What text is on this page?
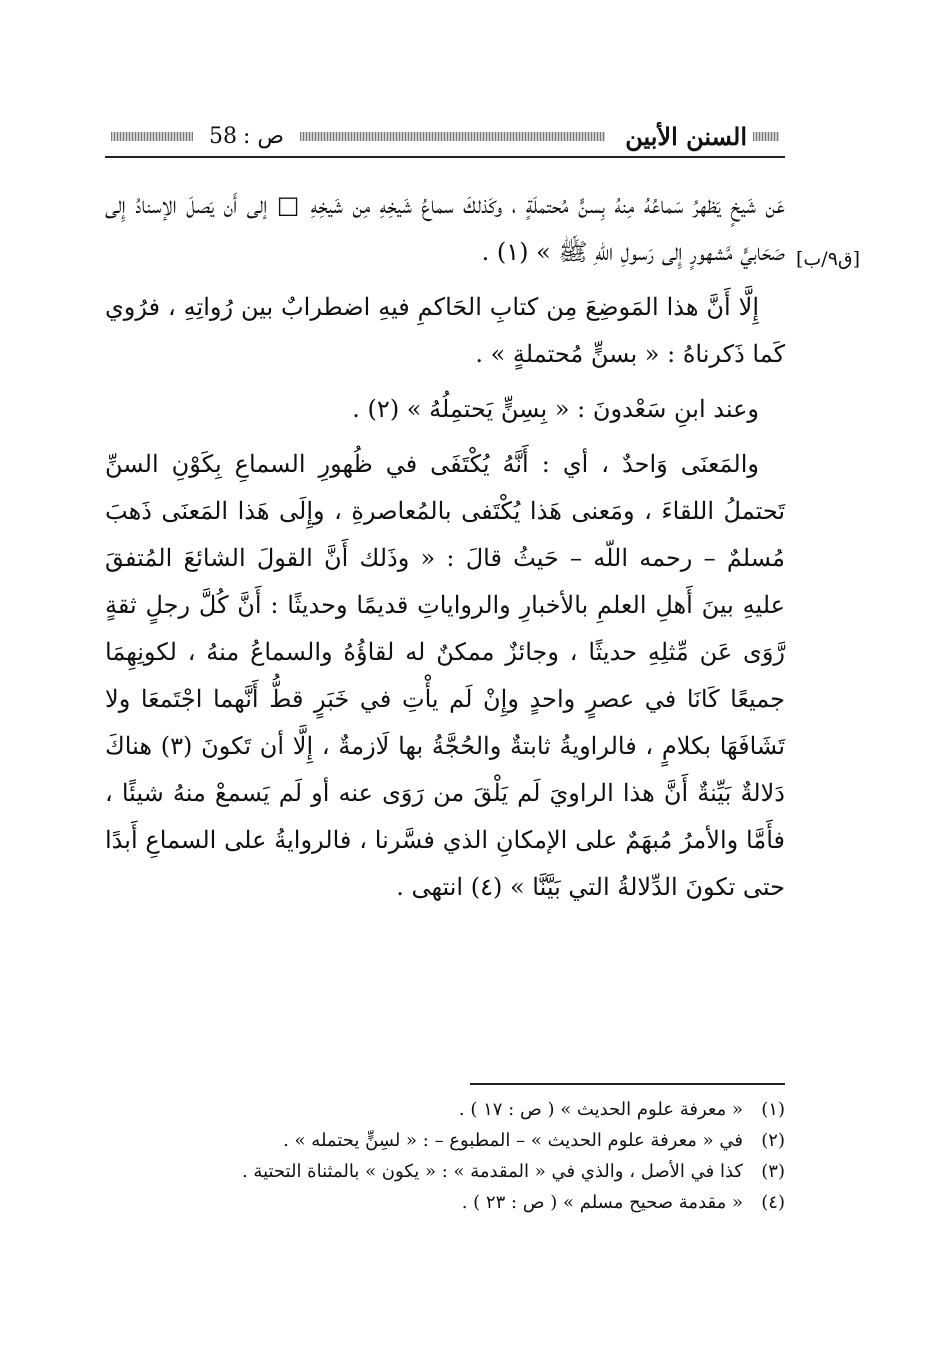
السنن الأبين
ص :
58
[ق٩/ب]

عَن شَيخٍ يَظهرُ سَماعُهُ مِنهُ بِسنٍّ مُحتملَةٍ ، وكَذلكَ سماعُ شَيخِهِ مِن شَيخِهِ □ إلى أَن يَصلَ الإسنادُ إِلى صَحَابيٍّ مَّشهورٍ إِلى رَسولِ اللّهِ ﷺ » (١) .

إِلَّا أَنَّ هذا المَوضِعَ مِن كتابِ الحَاكمِ فيهِ اضطرابٌ بين رُواتِهِ ، فرُوي كَما ذَكرناهُ : « بسنٍّ مُحتملةٍ » .

وعند ابنِ سَعْدونَ : « بِسِنٍّ يَحتمِلُهُ » (٢) .

والمَعنَى وَاحدٌ ، أي : أَنَّهُ يُكْتَفَى في ظُهورِ السماعِ بِكَوْنِ السنِّ تَحتملُ اللقاءَ ، ومَعنى هَذا يُكْتَفى بالمُعاصرةِ ، وإِلَى هَذا المَعنَى ذَهبَ مُسلمٌ – رحمه اللّه – حَيثُ قالَ : « وذَلك أَنَّ القولَ الشائعَ المُتفقَ عليهِ بينَ أَهلِ العلمِ بالأخبارِ والرواياتِ قديمًا وحديثًا : أَنَّ كُلَّ رجلٍ ثقةٍ رَّوَى عَن مِّثلِهِ حديثًا ، وجائزٌ ممكنٌ له لقاؤُهُ والسماعُ منهُ ، لكونِهِمَا جميعًا كَانَا في عصرٍ واحدٍ وإِنْ لَم يأْتِ في خَبَرٍ قطُّ أَنَّهما اجْتَمعَا ولا تَشَافَهَا بكلامٍ ، فالراويةُ ثابتةٌ والحُجَّةُ بها لَازمةٌ ، إِلَّا أن تَكونَ (٣) هناكَ دَلالةٌ بَيِّنةٌ أَنَّ هذا الراويَ لَم يَلْقَ من رَوَى عنه أو لَم يَسمعْ منهُ شيئًا ، فأَمَّا والأمرُ مُبهَمٌ على الإمكانِ الذي فسَّرنا ، فالروايةُ على السماعِ أَبدًا حتى تكونَ الدِّلالةُ التي بَيَّنَّا » (٤) انتهى .

(١)
« معرفة علوم الحديث » ( ص : ١٧ ) .
(٢)
في « معرفة علوم الحديث » – المطبوع – : « لسِنٍّ يحتمله » .
(٣)
كذا في الأصل ، والذي في « المقدمة » : « يكون » بالمثناة التحتية .
(٤)
« مقدمة صحيح مسلم » ( ص : ٢٣ ) .
